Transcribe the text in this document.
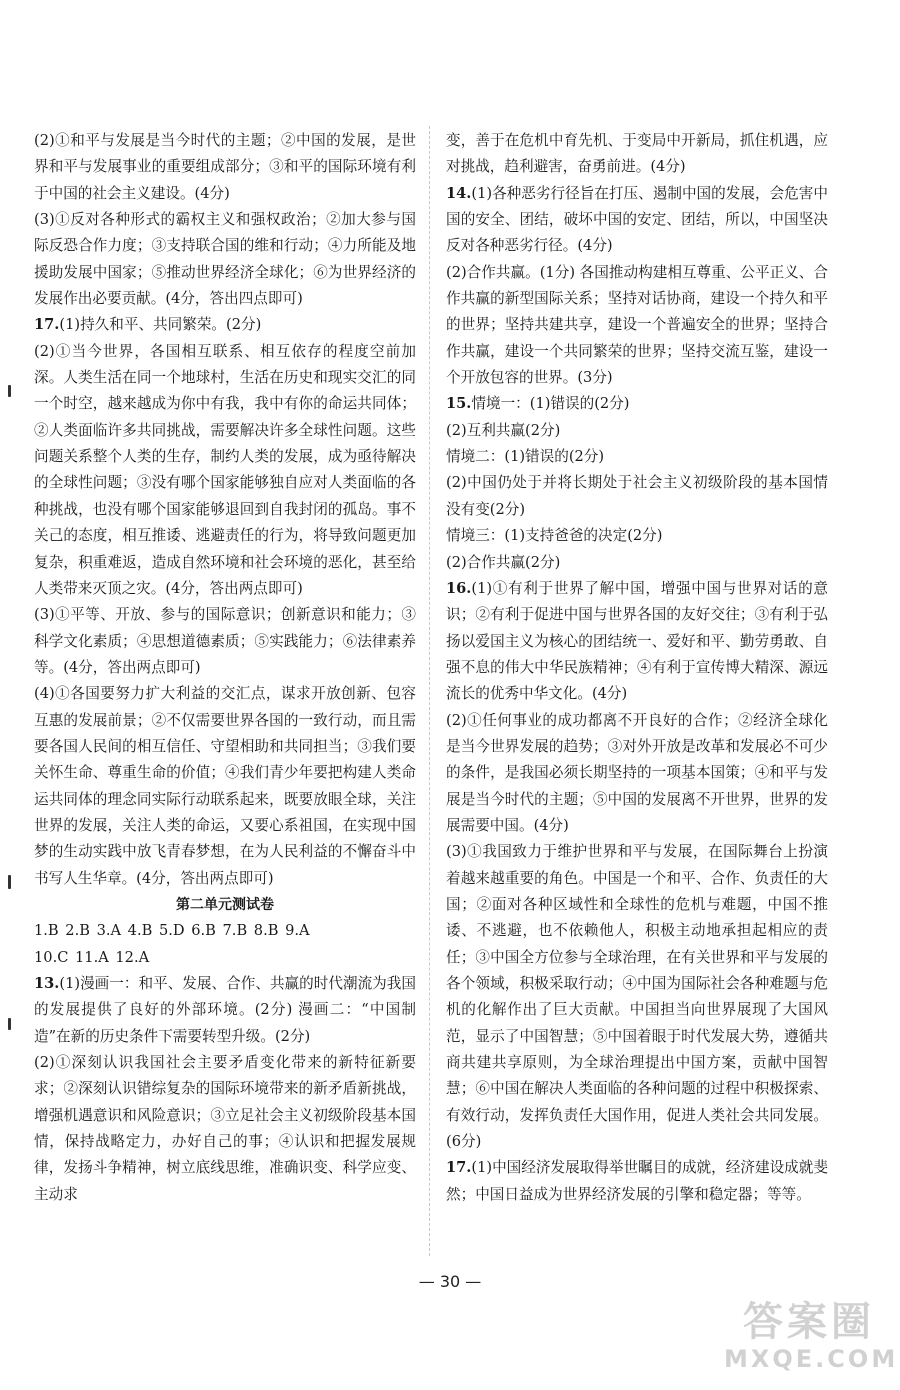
(2)①和平与发展是当今时代的主题；②中国的发展，是世界和平与发展事业的重要组成部分；③和平的国际环境有利于中国的社会主义建设。(4分)

(3)①反对各种形式的霸权主义和强权政治；②加大参与国际反恐合作力度；③支持联合国的维和行动；④力所能及地援助发展中国家；⑤推动世界经济全球化；⑥为世界经济的发展作出必要贡献。(4分，答出四点即可)

17.(1)持久和平、共同繁荣。(2分)

(2)①当今世界，各国相互联系、相互依存的程度空前加深。人类生活在同一个地球村，生活在历史和现实交汇的同一个时空，越来越成为你中有我，我中有你的命运共同体；②人类面临许多共同挑战，需要解决许多全球性问题。这些问题关系整个人类的生存，制约人类的发展，成为亟待解决的全球性问题；③没有哪个国家能够独自应对人类面临的各种挑战，也没有哪个国家能够退回到自我封闭的孤岛。事不关己的态度，相互推诿、逃避责任的行为，将导致问题更加复杂，积重难返，造成自然环境和社会环境的恶化，甚至给人类带来灭顶之灾。(4分，答出两点即可)

(3)①平等、开放、参与的国际意识；创新意识和能力；③科学文化素质；④思想道德素质；⑤实践能力；⑥法律素养等。(4分，答出两点即可)

(4)①各国要努力扩大利益的交汇点，谋求开放创新、包容互惠的发展前景；②不仅需要世界各国的一致行动，而且需要各国人民间的相互信任、守望相助和共同担当；③我们要关怀生命、尊重生命的价值；④我们青少年要把构建人类命运共同体的理念同实际行动联系起来，既要放眼全球，关注世界的发展，关注人类的命运，又要心系祖国，在实现中国梦的生动实践中放飞青春梦想，在为人民利益的不懈奋斗中书写人生华章。(4分，答出两点即可)

第二单元测试卷

1.B 2.B 3.A 4.B 5.D 6.B 7.B 8.B 9.A

10.C 11.A 12.A

13.(1)漫画一：和平、发展、合作、共赢的时代潮流为我国的发展提供了良好的外部环境。(2分) 漫画二：“中国制造”在新的历史条件下需要转型升级。(2分)

(2)①深刻认识我国社会主要矛盾变化带来的新特征新要求；②深刻认识错综复杂的国际环境带来的新矛盾新挑战，增强机遇意识和风险意识；③立足社会主义初级阶段基本国情，保持战略定力，办好自己的事；④认识和把握发展规律，发扬斗争精神，树立底线思维，准确识变、科学应变、主动求

变，善于在危机中育先机、于变局中开新局，抓住机遇，应对挑战，趋利避害，奋勇前进。(4分)

14.(1)各种恶劣行径旨在打压、遏制中国的发展，会危害中国的安全、团结，破坏中国的安定、团结，所以，中国坚决反对各种恶劣行径。(4分)

(2)合作共赢。(1分) 各国推动构建相互尊重、公平正义、合作共赢的新型国际关系；坚持对话协商，建设一个持久和平的世界；坚持共建共享，建设一个普遍安全的世界；坚持合作共赢，建设一个共同繁荣的世界；坚持交流互鉴，建设一个开放包容的世界。(3分)

15.情境一：(1)错误的(2分)

(2)互利共赢(2分)

情境二：(1)错误的(2分)

(2)中国仍处于并将长期处于社会主义初级阶段的基本国情没有变(2分)

情境三：(1)支持爸爸的决定(2分)

(2)合作共赢(2分)

16.(1)①有利于世界了解中国，增强中国与世界对话的意识；②有利于促进中国与世界各国的友好交往；③有利于弘扬以爱国主义为核心的团结统一、爱好和平、勤劳勇敢、自强不息的伟大中华民族精神；④有利于宣传博大精深、源远流长的优秀中华文化。(4分)

(2)①任何事业的成功都离不开良好的合作；②经济全球化是当今世界发展的趋势；③对外开放是改革和发展必不可少的条件，是我国必须长期坚持的一项基本国策；④和平与发展是当今时代的主题；⑤中国的发展离不开世界，世界的发展需要中国。(4分)

(3)①我国致力于维护世界和平与发展，在国际舞台上扮演着越来越重要的角色。中国是一个和平、合作、负责任的大国；②面对各种区域性和全球性的危机与难题，中国不推诿、不逃避，也不依赖他人，积极主动地承担起相应的责任；③中国全方位参与全球治理，在有关世界和平与发展的各个领域，积极采取行动；④中国为国际社会各种难题与危机的化解作出了巨大贡献。中国担当向世界展现了大国风范，显示了中国智慧；⑤中国着眼于时代发展大势，遵循共商共建共享原则，为全球治理提出中国方案，贡献中国智慧；⑥中国在解决人类面临的各种问题的过程中积极探索、有效行动，发挥负责任大国作用，促进人类社会共同发展。(6分)

17.(1)中国经济发展取得举世瞩目的成就，经济建设成就斐然；中国日益成为世界经济发展的引擎和稳定器；等等。

— 30 —
答案圈
MXQE.COM
